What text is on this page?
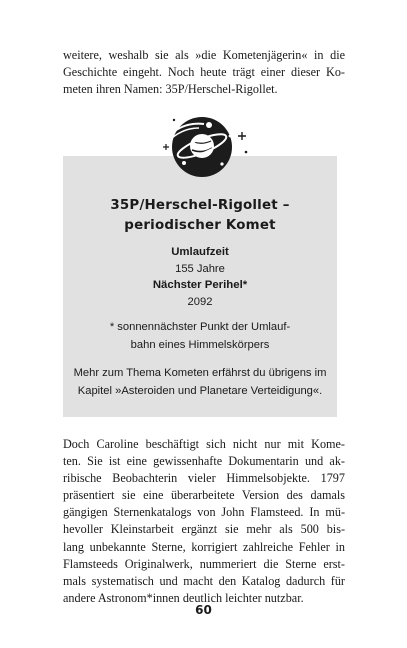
weitere, weshalb sie als »die Kometenjägerin« in die
Geschichte eingeht. Noch heute trägt einer dieser Ko-
meten ihren Namen: 35P/Herschel-Rigollet.
35P/Herschel-Rigollet –
periodischer Komet
Umlaufzeit
155 Jahre
Nächster Perihel*
2092
* sonnennächster Punkt der Umlauf-
bahn eines Himmelskörpers
Mehr zum Thema Kometen erfährst du übrigens im
Kapitel »Asteroiden und Planetare Verteidigung«.
Doch Caroline beschäftigt sich nicht nur mit Kome-
ten. Sie ist eine gewissenhafte Dokumentarin und ak-
ribische Beobachterin vieler Himmelsobjekte. 1797
präsentiert sie eine überarbeitete Version des damals
gängigen Sternenkatalogs von John Flamsteed. In mü-
hevoller Kleinstarbeit ergänzt sie mehr als 500 bis-
lang unbekannte Sterne, korrigiert zahlreiche Fehler in
Flamsteeds Originalwerk, nummeriert die Sterne erst-
mals systematisch und macht den Katalog dadurch für
andere Astronom*innen deutlich leichter nutzbar.
60
